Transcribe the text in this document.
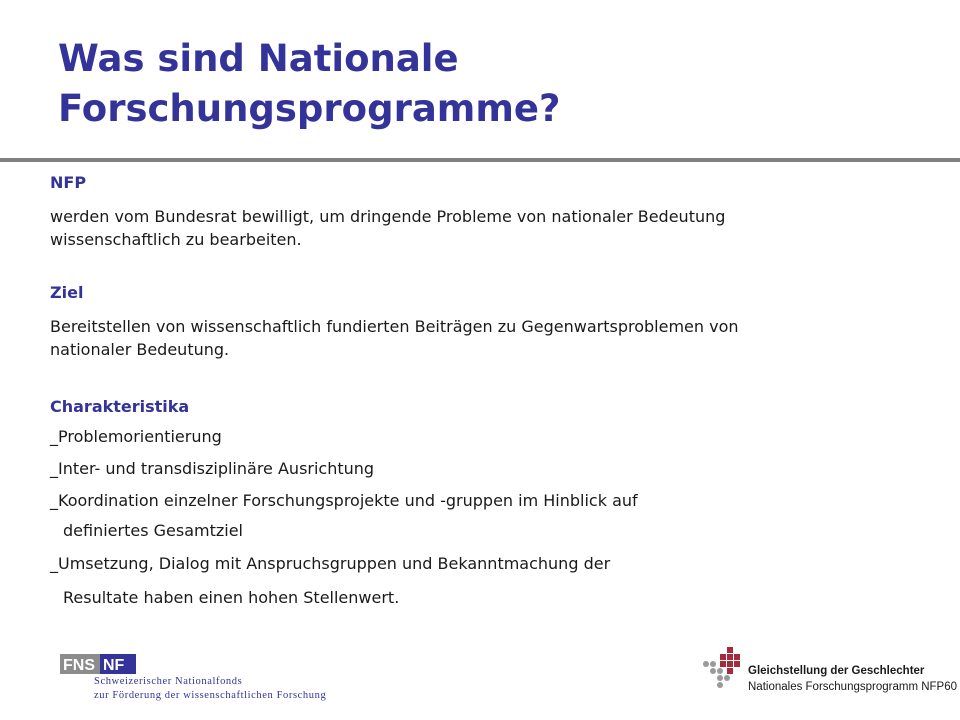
Was sind Nationale
Forschungsprogramme?
NFP
werden vom Bundesrat bewilligt, um dringende Probleme von nationaler Bedeutung
wissenschaftlich zu bearbeiten.
Ziel
Bereitstellen von wissenschaftlich fundierten Beiträgen zu Gegenwartsproblemen von
nationaler Bedeutung.
Charakteristika
_Problemorientierung
_Inter- und transdisziplinäre Ausrichtung
_Koordination einzelner Forschungsprojekte und -gruppen im Hinblick auf
definiertes Gesamtziel
_Umsetzung, Dialog mit Anspruchsgruppen und Bekanntmachung der
Resultate haben einen hohen Stellenwert.
FNS NF
Schweizerischer Nationalfonds
zur Förderung der wissenschaftlichen Forschung
Gleichstellung der Geschlechter
Nationales Forschungsprogramm NFP60
